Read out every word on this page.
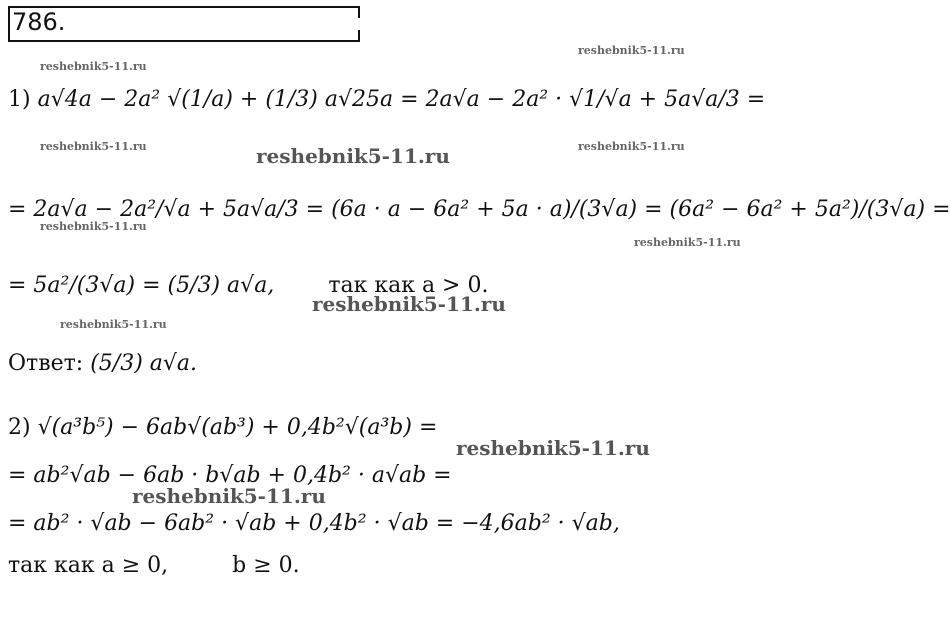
786.
reshebnik5-11.ru
reshebnik5-11.ru
reshebnik5-11.ru	reshebnik5-11.ru
reshebnik5-11.ru
reshebnik5-11.ru
reshebnik5-11.ru
reshebnik5-11.ru
reshebnik5-11.ru
reshebnik5-11.ru
reshebnik5-11.ru
1) a√4a − 2a² √(1/a) + (1/3) a√25a = 2a√a − 2a² · √1/√a + 5a√a/3 =
= 2a√a − 2a²/√a + 5a√a/3 = (6a · a − 6a² + 5a · a)/(3√a) = (6a² − 6a² + 5a²)/(3√a) =
= 5a²/(3√a) = (5/3) a√a, так как a > 0.
Ответ: (5/3) a√a.
2) √(a³b⁵) − 6ab√(ab³) + 0,4b²√(a³b) =
= ab²√ab − 6ab · b√ab + 0,4b² · a√ab =
= ab² · √ab − 6ab² · √ab + 0,4b² · √ab = −4,6ab² · √ab,
так как a ≥ 0,	b ≥ 0.
